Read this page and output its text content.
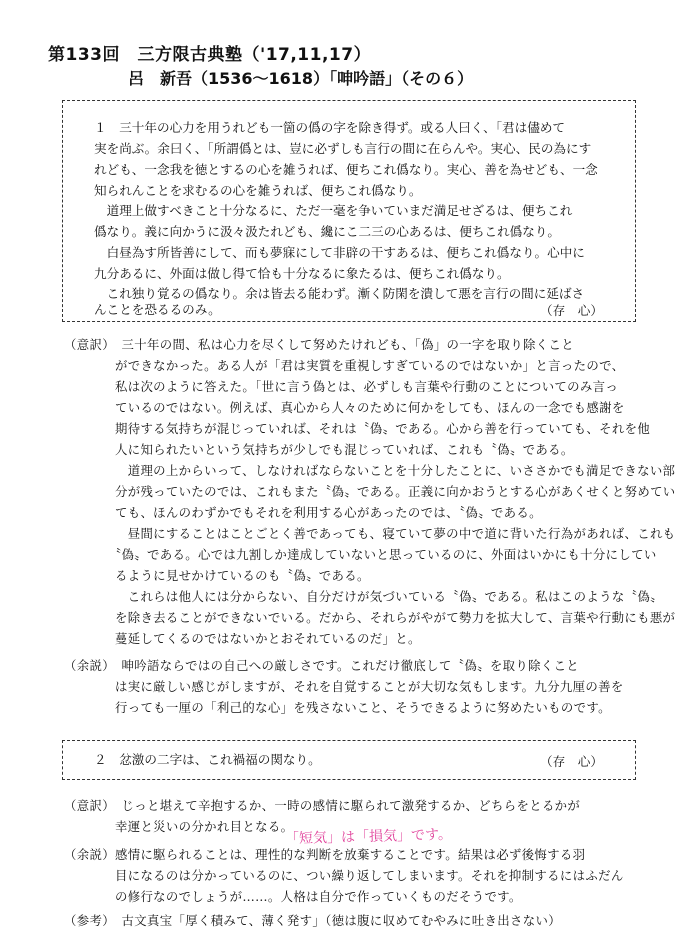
第133回　三方限古典塾（'17,11,17）
呂　新吾（1536〜1618）「呻吟語」（その６）
１　三十年の心力を用うれども一箇の僞の字を除き得ず。或る人曰く、「君は儘めて
実を尚ぶ。余曰く、「所謂僞とは、豈に必ずしも言行の間に在らんや。実心、民の為にす
れども、一念我を徳とするの心を雑うれば、便ちこれ僞なり。実心、善を為せども、一念
知られんことを求むるの心を雑うれば、便ちこれ僞なり。
　道理上做すべきこと十分なるに、ただ一毫を争いていまだ満足せざるは、便ちこれ
僞なり。義に向かうに汲々汲たれども、纔にこ二三の心あるは、便ちこれ僞なり。
　白昼為す所皆善にして、而も夢寐にして非辟の干すあるは、便ちこれ僞なり。心中に
九分あるに、外面は做し得て恰も十分なるに象たるは、便ちこれ僞なり。
　これ独り覚るの僞なり。余は皆去る能わず。漸く防閑を潰して悪を言行の間に延ばさ
んことを恐るるのみ。	（存　心）
（意訳）　三十年の間、私は心力を尽くして努めたけれども、「偽」の一字を取り除くこと
　　　　ができなかった。ある人が「君は実質を重視しすぎているのではないか」と言ったので、
　　　　私は次のように答えた。「世に言う偽とは、必ずしも言葉や行動のことについてのみ言っ
　　　　ているのではない。例えば、真心から人々のために何かをしても、ほんの一念でも感謝を
　　　　期待する気持ちが混じっていれば、それは〝偽〟である。心から善を行っていても、それを他
　　　　人に知られたいという気持ちが少しでも混じっていれば、これも〝偽〟である。
　　　　　道理の上からいって、しなければならないことを十分したことに、いささかでも満足できない部
　　　　分が残っていたのでは、これもまた〝偽〟である。正義に向かおうとする心があくせくと努めてい
　　　　ても、ほんのわずかでもそれを利用する心があったのでは、〝偽〟である。
　　　　　昼間にすることはことごとく善であっても、寝ていて夢の中で道に背いた行為があれば、これも
　　　　〝偽〟である。心では九割しか達成していないと思っているのに、外面はいかにも十分にしてい
　　　　るように見せかけているのも〝偽〟である。
　　　　　これらは他人には分からない、自分だけが気づいている〝偽〟である。私はこのような〝偽〟
　　　　を除き去ることができないでいる。だから、それらがやがて勢力を拡大して、言葉や行動にも悪が
　　　　蔓延してくるのではないかとおそれているのだ」と。
（余説）　呻吟語ならではの自己への厳しさです。これだけ徹底して〝偽〟を取り除くこと
　　　　は実に厳しい感じがしますが、それを自覚することが大切な気もします。九分九厘の善を
　　　　行っても一厘の「利己的な心」を残さないこと、そうできるように努めたいものです。
２　忿激の二字は、これ禍福の関なり。	（存　心）
（意訳）　じっと堪えて辛抱するか、一時の感情に駆られて激発するか、どちらをとるかが
　　　　幸運と災いの分かれ目となる。
「短気」は「損気」です。
（余説）感情に駆られることは、理性的な判断を放棄することです。結果は必ず後悔する羽
　　　　目になるのは分かっているのに、つい繰り返してしまいます。それを抑制するにはふだん
　　　　の修行なのでしょうが……。人格は自分で作っていくものだそうです。
（参考）　古文真宝「厚く積みて、薄く発す」（徳は腹に収めてむやみに吐き出さない）
